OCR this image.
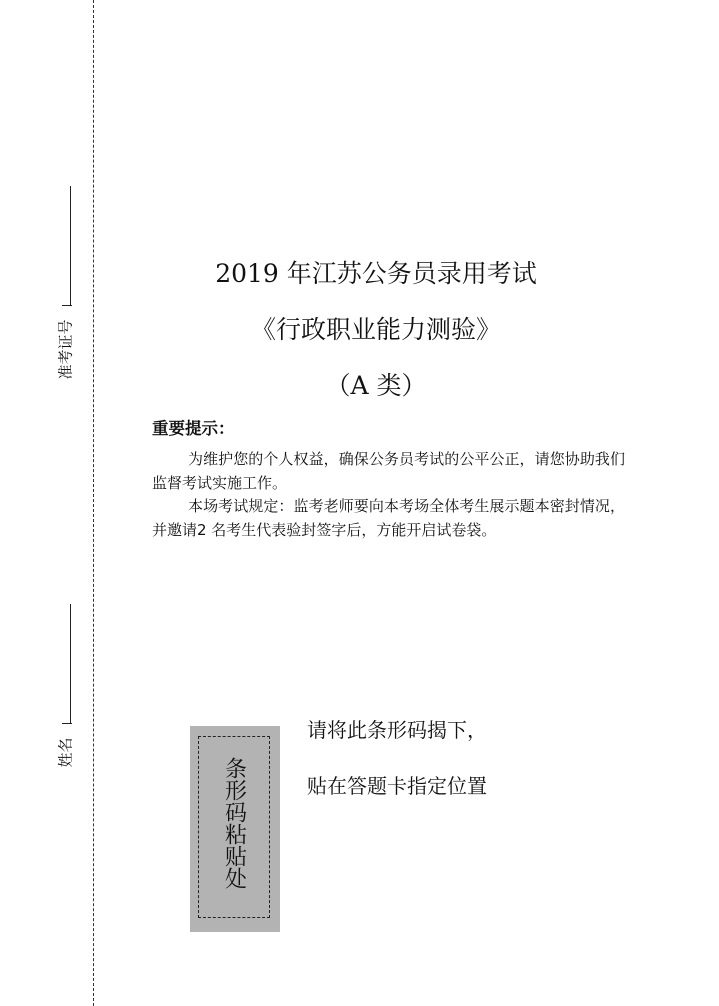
准考证号
姓名
2019 年江苏公务员录用考试
《行政职业能力测验》
（A 类）
重要提示：

为维护您的个人权益，确保公务员考试的公平公正，请您协助我们监督考试实施工作。

本场考试规定：监考老师要向本考场全体考生展示题本密封情况，并邀请2 名考生代表验封签字后，方能开启试卷袋。

条形码粘贴处
请将此条形码揭下，
贴在答题卡指定位置
